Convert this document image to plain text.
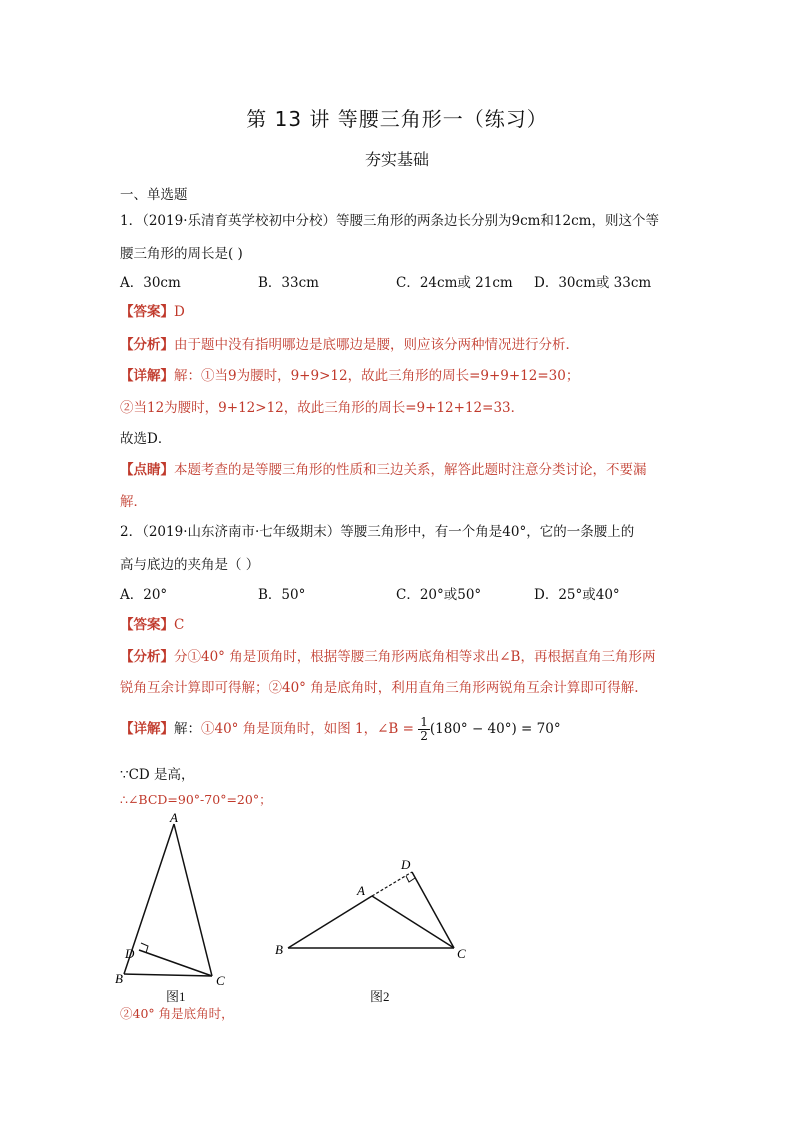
第 13 讲 等腰三角形一（练习）
夯实基础
一、单选题
1．（2019·乐清育英学校初中分校）等腰三角形的两条边长分别为9cm和12cm，则这个等
腰三角形的周长是( )
A．30cm	B．33cm	C．24cm或 21cm D．30cm或 33cm
【答案】D
【分析】由于题中没有指明哪边是底哪边是腰，则应该分两种情况进行分析．
【详解】解：①当9为腰时，9+9>12，故此三角形的周长=9+9+12=30；
②当12为腰时，9+12>12，故此三角形的周长=9+12+12=33．
故选D．
【点睛】本题考查的是等腰三角形的性质和三边关系，解答此题时注意分类讨论，不要漏
解．
2．（2019·山东济南市·七年级期末）等腰三角形中，有一个角是40°，它的一条腰上的
高与底边的夹角是（ ）
A．20°	B．50°	C．20°或50°	D．25°或40°
【答案】C
【分析】分①40° 角是顶角时，根据等腰三角形两底角相等求出∠B，再根据直角三角形两
锐角互余计算即可得解；②40° 角是底角时，利用直角三角形两锐角互余计算即可得解.
【详解】解：①40° 角是顶角时，如图 1，∠B = $\frac{1}{2} (180^\circ - 40^\circ) = 70^\circ$
∵CD 是高，
∴∠BCD=90°-70°=20°；
A
B	C
D
图1
A
B	C
D
图2
②40° 角是底角时，
